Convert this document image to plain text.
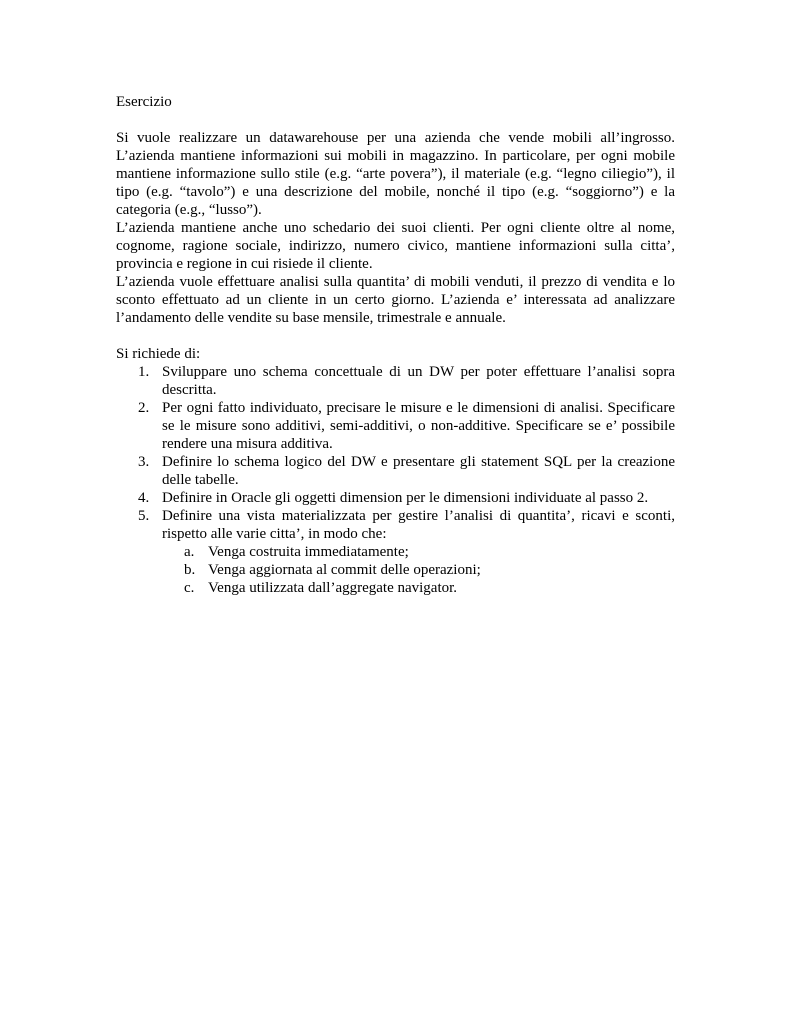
Esercizio

Si vuole realizzare un datawarehouse per una azienda che vende mobili all’ingrosso. L’azienda mantiene informazioni sui mobili in magazzino. In particolare, per ogni mobile mantiene informazione sullo stile (e.g. “arte povera”), il materiale (e.g. “legno ciliegio”), il tipo (e.g. “tavolo”) e una descrizione del mobile, nonché il tipo (e.g. “soggiorno”) e la categoria (e.g., “lusso”).

L’azienda mantiene anche uno schedario dei suoi clienti. Per ogni cliente oltre al nome, cognome, ragione sociale, indirizzo, numero civico, mantiene informazioni sulla citta’, provincia e regione in cui risiede il cliente.

L’azienda vuole effettuare analisi sulla quantita’ di mobili venduti, il prezzo di vendita e lo sconto effettuato ad un cliente in un certo giorno. L’azienda e’ interessata ad analizzare l’andamento delle vendite su base mensile, trimestrale e annuale.

Si richiede di:

1. Sviluppare uno schema concettuale di un DW per poter effettuare l’analisi sopra descritta.
2. Per ogni fatto individuato, precisare le misure e le dimensioni di analisi. Specificare se le misure sono additivi, semi-additivi, o non-additive. Specificare se e’ possibile rendere una misura additiva.
3. Definire lo schema logico del DW e presentare gli statement SQL per la creazione delle tabelle.
4. Definire in Oracle gli oggetti dimension per le dimensioni individuate al passo 2.
5. Definire una vista materializzata per gestire l’analisi di quantita’, ricavi e sconti, rispetto alle varie citta’, in modo che:
a. Venga costruita immediatamente;
b. Venga aggiornata al commit delle operazioni;
c. Venga utilizzata dall’aggregate navigator.
